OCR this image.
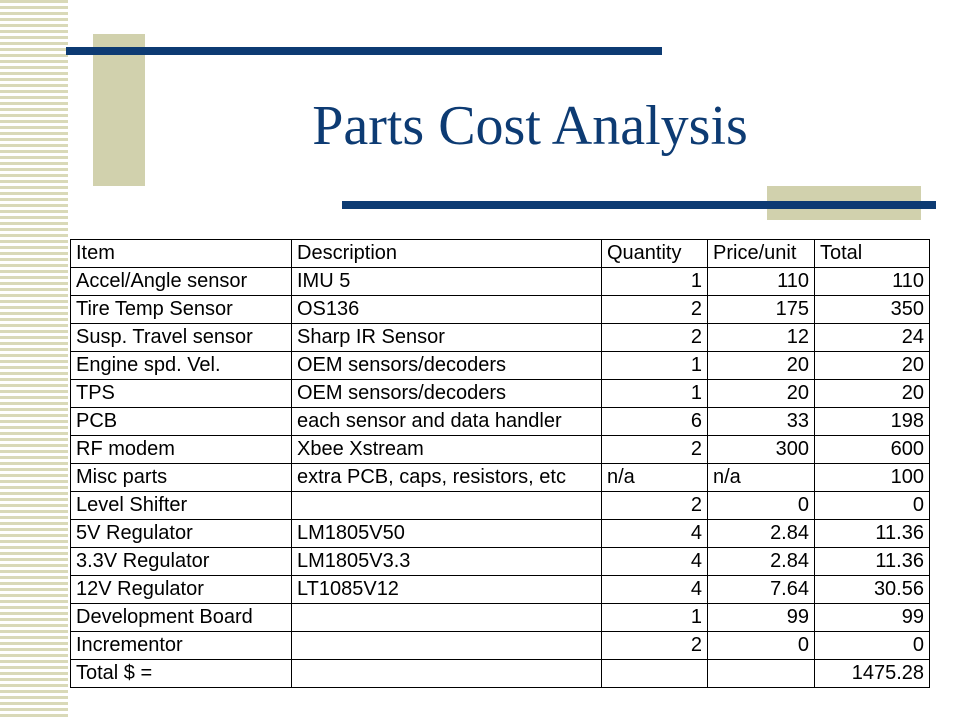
Parts Cost Analysis
Item	Description	Quantity	Price/unit	Total
Accel/Angle sensor	IMU 5	1	110	110
Tire Temp Sensor	OS136	2	175	350
Susp. Travel sensor	Sharp IR Sensor	2	12	24
Engine spd. Vel.	OEM sensors/decoders	1	20	20
TPS	OEM sensors/decoders	1	20	20
PCB	each sensor and data handler	6	33	198
RF modem	Xbee Xstream	2	300	600
Misc parts	extra PCB, caps, resistors, etc	n/a	n/a	100
Level Shifter		2	0	0
5V Regulator	LM1805V50	4	2.84	11.36
3.3V Regulator	LM1805V3.3	4	2.84	11.36
12V Regulator	LT1085V12	4	7.64	30.56
Development Board		1	99	99
Incrementor		2	0	0
Total $ =				1475.28
